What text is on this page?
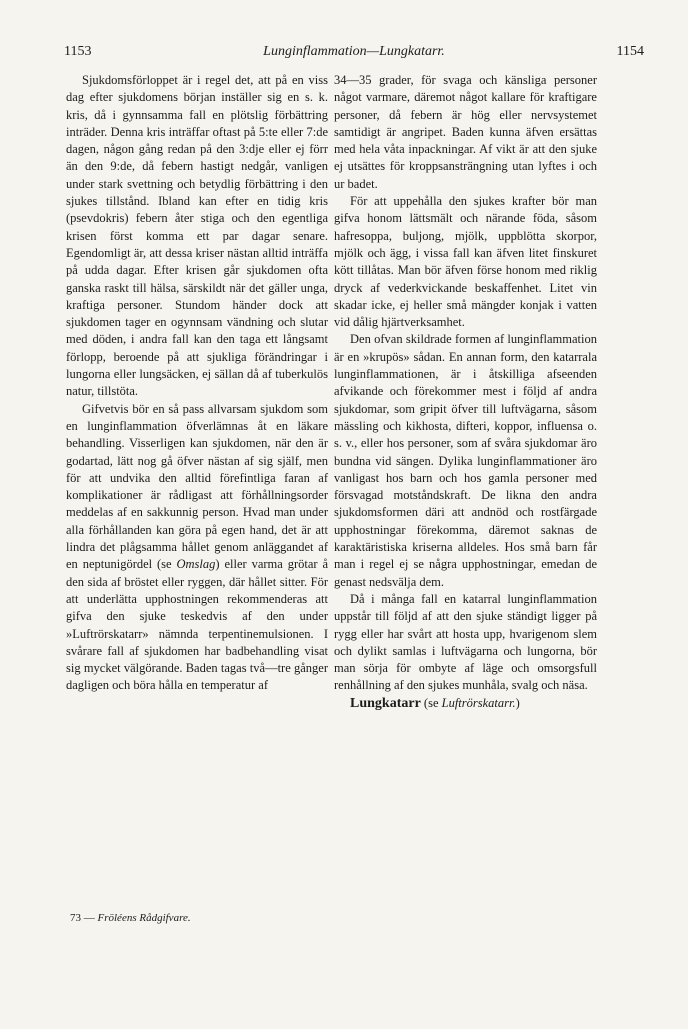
1153	Lunginflammation—Lungkatarr.	1154

Sjukdomsförloppet är i regel det, att på en viss dag efter sjukdomens början inställer sig en s. k. kris, då i gynnsamma fall en plötslig förbättring inträder. Denna kris inträffar oftast på 5:te eller 7:de dagen, någon gång redan på den 3:dje eller ej förr än den 9:de, då febern hastigt nedgår, vanligen under stark svettning och betydlig förbättring i den sjukes tillstånd. Ibland kan efter en tidig kris (psevdokris) febern åter stiga och den egentliga krisen först komma ett par dagar senare. Egendomligt är, att dessa kriser nästan alltid inträffa på udda dagar. Efter krisen går sjukdomen ofta ganska raskt till hälsa, särskildt när det gäller unga, kraftiga personer. Stundom händer dock att sjukdomen tager en ogynnsam vändning och slutar med döden, i andra fall kan den taga ett långsamt förlopp, beroende på att sjukliga förändringar i lungorna eller lungsäcken, ej sällan då af tuberkulös natur, tillstöta.

Gifvetvis bör en så pass allvarsam sjukdom som en lunginflammation öfverlämnas åt en läkare behandling. Visserligen kan sjukdomen, när den är godartad, lätt nog gå öfver nästan af sig själf, men för att undvika den alltid förefintliga faran af komplikationer är rådligast att förhållningsorder meddelas af en sakkunnig person. Hvad man under alla förhållanden kan göra på egen hand, det är att lindra det plågsamma hållet genom anläggandet af en neptunigördel (se Omslag) eller varma grötar å den sida af bröstet eller ryggen, där hållet sitter. För att underlätta upphostningen rekommenderas att gifva den sjuke teskedvis af den under »Luftrörskatarr» nämnda terpentinemulsionen. I svårare fall af sjukdomen har badbehandling visat sig mycket välgörande. Baden tagas två—tre gånger dagligen och böra hålla en temperatur af

34—35 grader, för svaga och känsliga personer något varmare, däremot något kallare för kraftigare personer, då febern är hög eller nervsystemet samtidigt är angripet. Baden kunna äfven ersättas med hela våta inpackningar. Af vikt är att den sjuke ej utsättes för kroppsansträngning utan lyftes i och ur badet.

För att uppehålla den sjukes krafter bör man gifva honom lättsmält och närande föda, såsom hafresoppa, buljong, mjölk, uppblötta skorpor, mjölk och ägg, i vissa fall kan äfven litet finskuret kött tillåtas. Man bör äfven förse honom med riklig dryck af vederkvickande beskaffenhet. Litet vin skadar icke, ej heller små mängder konjak i vatten vid dålig hjärtverksamhet.

Den ofvan skildrade formen af lunginflammation är en »krupös» sådan. En annan form, den katarrala lunginflammationen, är i åtskilliga afseenden afvikande och förekommer mest i följd af andra sjukdomar, som gripit öfver till luftvägarna, såsom mässling och kikhosta, difteri, koppor, influensa o. s. v., eller hos personer, som af svåra sjukdomar äro bundna vid sängen. Dylika lunginflammationer äro vanligast hos barn och hos gamla personer med försvagad motståndskraft. De likna den andra sjukdomsformen däri att andnöd och rostfärgade upphostningar förekomma, däremot saknas de karaktäristiska kriserna alldeles. Hos små barn får man i regel ej se några upphostningar, emedan de genast nedsvälja dem.

Då i många fall en katarral lunginflammation uppstår till följd af att den sjuke ständigt ligger på rygg eller har svårt att hosta upp, hvarigenom slem och dylikt samlas i luftvägarna och lungorna, bör man sörja för ombyte af läge och omsorgsfull renhållning af den sjukes munhåla, svalg och näsa.

Lungkatarr (se Luftrörskatarr.)

73 — Fröléens Rådgifvare.
